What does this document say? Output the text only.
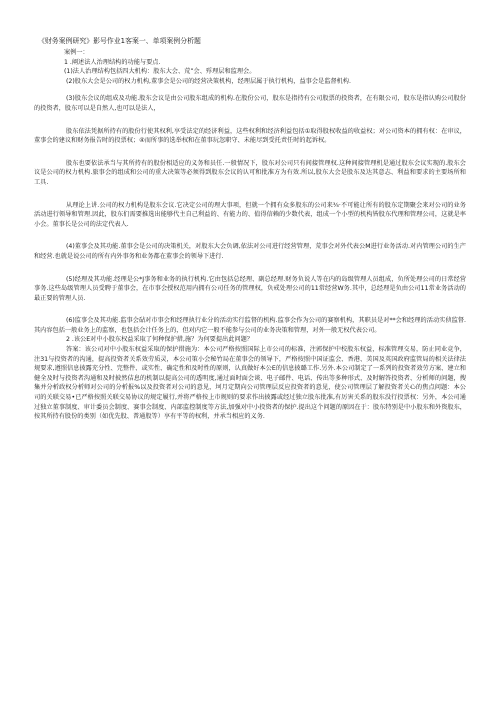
《财务案例研究》影号作业1客案一、单项案例分析题

案例一：

1 .阐述法人治理结构的功能与要点.

(1)法人治理结构包括四大机构：股东大会、荒”会、殍理层和监理会。

(2)股东大会是公司的权力机构,董事会是公司的经营决策机构，经理层属于执行机构，益事会是监督机构.

(3)股东会议的组成及功能.股东会议是由公司股东组成的机构.在股份公司，股东是指持有公司股票的投资者，在有限公司，股东是指认购公司股份的投资者，股东可以是自然人,也可以是法人，

股东依法凭据所持有的股份行使其权利,享受法定的经济利益，这些权利和经济利益包括①取得股权收益的收益权；对公司资本的拥有权：在审议，董事会的建议和财务报告时的投票权；④而所事的选举权和在董事玩忽职守、未能尽到受托责任时的起诉权。

股东也要依法承当与其所持有的股份相适应的义务和员任.一般情况下，股东对公司只有间接管理权.这种间接管理机是通过股东会议实现的.股东会议是公司的权力机构.旅事会的组成和公司的重大决策等必须得到股东会议的认可和批准方为有效.所以,股东大会是股东及达其意志、利益和要求的主要场所和工具.

从理论上讲.公司的权力机构是股东会议.它决定公司的理大事项，但就一个拥有众多股东的公司来¾·不可能让所有的股东定期聚会来对公司的业务活动进行领导和管理.因此，股东们需要推选出能够代主自己利益的、有能力的、值得信赖的少数代表，组成一个小型的机构皆股东代理和管理公司，这就是率小会。董事长是公司的法定代表人.

(4)董事会及其功能.董事会是公司的决策机关，对股东大会负调,依法对公司进行经营管理，荒事会对外代表公M进行业务活动.对内管理公司的生产和经营.也就是说公司的所有内外事务和业务都在董事会的领导下进行.

(5)经理及其功能.经理是公*J事务和业务的执行机构.它由包括总经理、副总经理.财务负说人等在内的岛级管理人员组成，负所处理公司的日常经营事务.这些岛级管理人员受聘于董事会，在市事会授权范用内拥有公司任务的管理权，负戒处理公司的11常经营W务.其中，总经理是负由公司11常业务活动的最正要的管理人员.

(6)监事会及其功能.监事会砧对市事会和经理执行业分的活动实行监督的机构.监事会作为公司的赛察机构，其职员是对**会和经理的活动实侦监督.其内容包括一般业务上的监察，也包括会计任务上的，但对内它一般不能参与公司的业务决策和管理，对外一般无权代表公司。

2 .该公E对中小股东权益采取了何种保护措,施？为何要提出此问题？

答案：该公司对中小股东权益采取的保护措施为：本公司严格按照国际上市公司的标准，注郭保护中校股东权益，标准管理交易，防止同业竞争，注31与投资者的沟通，提高投资者关系效劳质灵，本公司策小会秘竹局在董事会的领导下，严格按照中国证监会、香港、美国及英国政府监管局的相关法律法规要求,遵照信息披露充分性、完整件、或实性、确定性和及时性的原则，认真做好本公E的信息披璐工作.另外.本公司制定了一系列的投资者效劳方案、建立和健全及时与投资者沟通和及时披然佶息的机制以提高公司的透明度,通过面时面会谈、电子邮件、电话、传出等多种形式、及时解答投资者、分析师的问题，搜集并分析政权分析师对公司的分析报%以及投资者对公司的意见，坷月定期向公司管理层反应投资者的意见，使公司管理层了解投资者关心的焦点问题：本公司的关联交易•已严格按照关联交易协议的规定履行,并将严格按上市规则的要求作出披露或经过独立股东批准,有厉害关系的股东没行投票权：另外，本公司通过独立董事制度、审计委员会制度、赛事会制度、内部监控制度等方法,加强对中小投资者的保护.提出这个问题的原因在于：股东特别是中小股东和外资股东，按其所持有股份的类别（如优先股、普通股等）享有平等的权利，并承当相应的义务.
